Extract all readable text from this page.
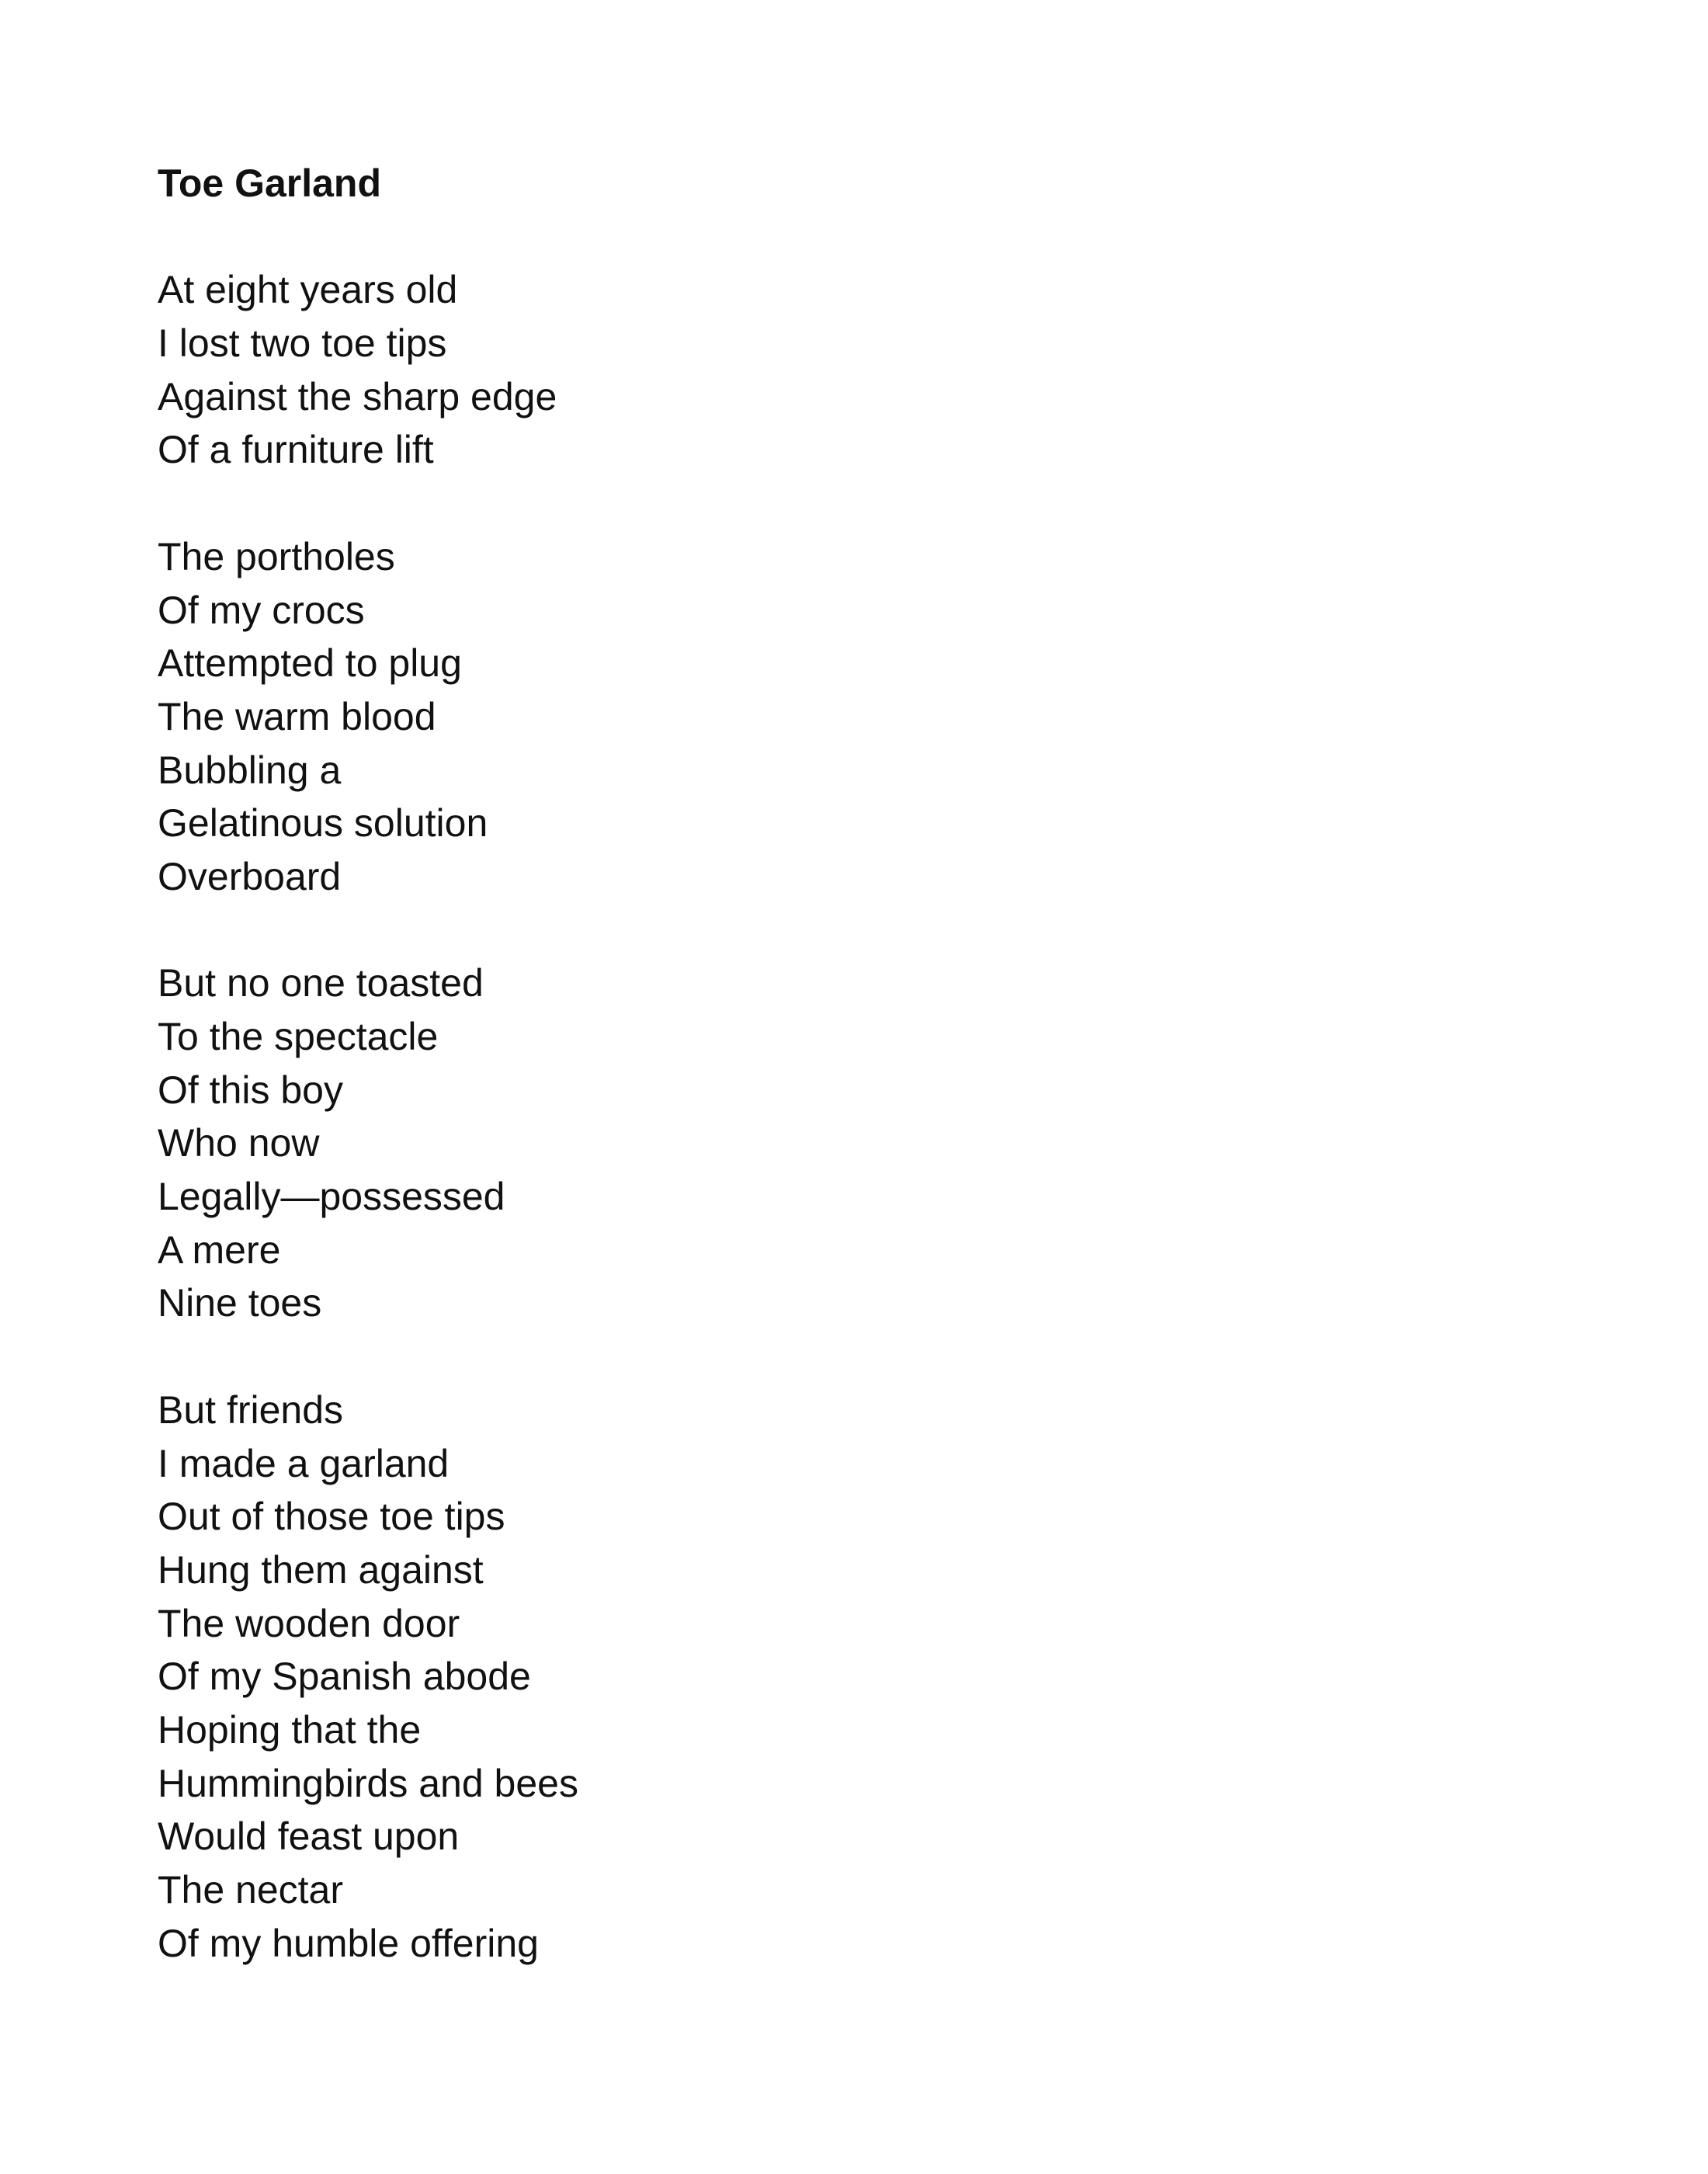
Toe Garland
At eight years old
I lost two toe tips
Against the sharp edge
Of a furniture lift
The portholes
Of my crocs
Attempted to plug
The warm blood
Bubbling a
Gelatinous solution
Overboard
But no one toasted
To the spectacle
Of this boy
Who now
Legally—possessed
A mere
Nine toes
But friends
I made a garland
Out of those toe tips
Hung them against
The wooden door
Of my Spanish abode
Hoping that the
Hummingbirds and bees
Would feast upon
The nectar
Of my humble offering
